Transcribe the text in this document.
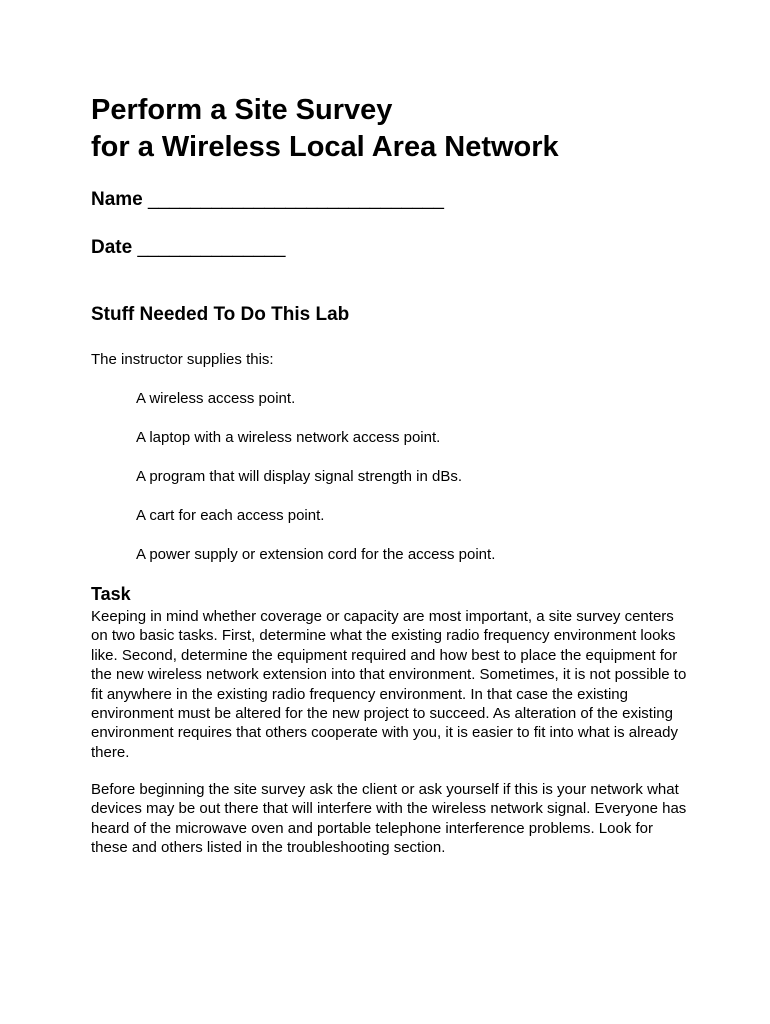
Perform a Site Survey
for a Wireless Local Area Network
Name ____________________________
Date ______________
Stuff Needed To Do This Lab
The instructor supplies this:
A wireless access point.
A laptop with a wireless network access point.
A program that will display signal strength in dBs.
A cart for each access point.
A power supply or extension cord for the access point.
Task

Keeping in mind whether coverage or capacity are most important, a site survey centers on two basic tasks. First, determine what the existing radio frequency environment looks like. Second, determine the equipment required and how best to place the equipment for the new wireless network extension into that environment. Sometimes, it is not possible to fit anywhere in the existing radio frequency environment. In that case the existing environment must be altered for the new project to succeed. As alteration of the existing environment requires that others cooperate with you, it is easier to fit into what is already there.

Before beginning the site survey ask the client or ask yourself if this is your network what devices may be out there that will interfere with the wireless network signal. Everyone has heard of the microwave oven and portable telephone interference problems. Look for these and others listed in the troubleshooting section.
